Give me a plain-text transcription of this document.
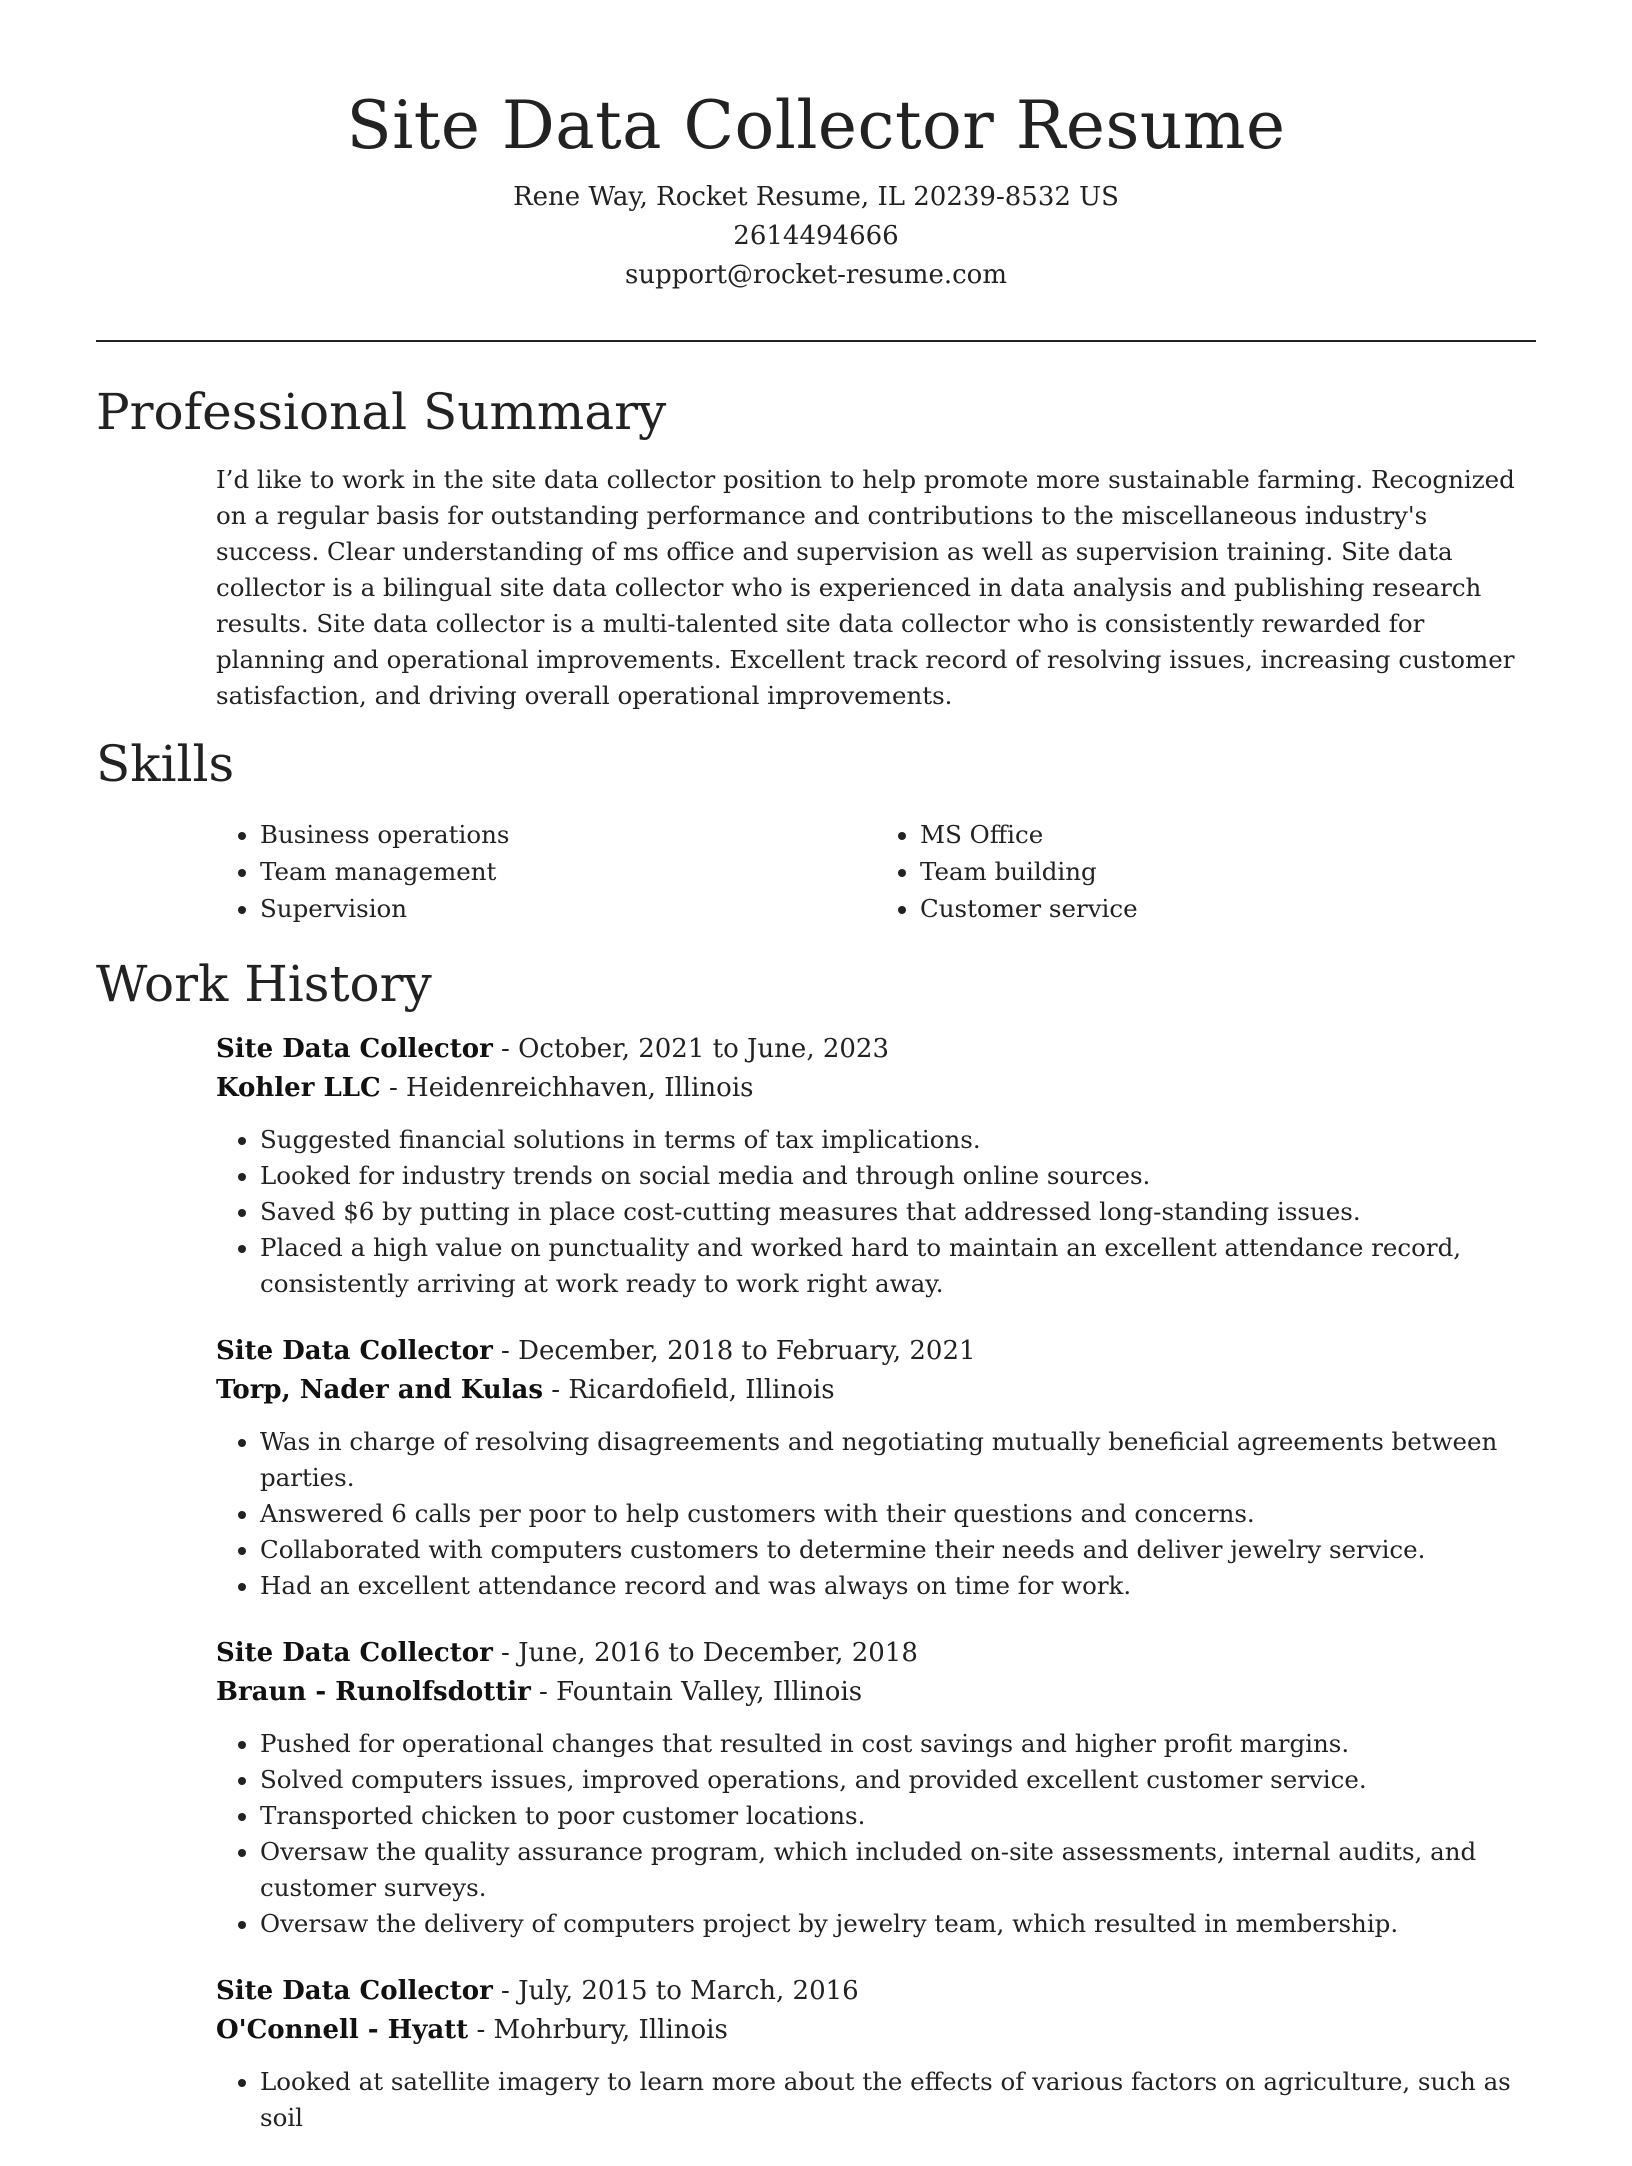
Site Data Collector Resume

Rene Way, Rocket Resume, IL 20239-8532 US

2614494666

support@rocket-resume.com

Professional Summary

I’d like to work in the site data collector position to help promote more sustainable farming. Recognized on a regular basis for outstanding performance and contributions to the miscellaneous industry's success. Clear understanding of ms office and supervision as well as supervision training. Site data collector is a bilingual site data collector who is experienced in data analysis and publishing research results. Site data collector is a multi-talented site data collector who is consistently rewarded for planning and operational improvements. Excellent track record of resolving issues, increasing customer satisfaction, and driving overall operational improvements.

Skills
• Business operations
• Team management
• Supervision
• MS Office
• Team building
• Customer service
Work History

Site Data Collector - October, 2021 to June, 2023

Kohler LLC - Heidenreichhaven, Illinois

• Suggested financial solutions in terms of tax implications.
• Looked for industry trends on social media and through online sources.
• Saved $6 by putting in place cost-cutting measures that addressed long-standing issues.
• Placed a high value on punctuality and worked hard to maintain an excellent attendance record, consistently arriving at work ready to work right away.

Site Data Collector - December, 2018 to February, 2021

Torp, Nader and Kulas - Ricardofield, Illinois

• Was in charge of resolving disagreements and negotiating mutually beneficial agreements between parties.
• Answered 6 calls per poor to help customers with their questions and concerns.
• Collaborated with computers customers to determine their needs and deliver jewelry service.
• Had an excellent attendance record and was always on time for work.

Site Data Collector - June, 2016 to December, 2018

Braun - Runolfsdottir - Fountain Valley, Illinois

• Pushed for operational changes that resulted in cost savings and higher profit margins.
• Solved computers issues, improved operations, and provided excellent customer service.
• Transported chicken to poor customer locations.
• Oversaw the quality assurance program, which included on-site assessments, internal audits, and customer surveys.
• Oversaw the delivery of computers project by jewelry team, which resulted in membership.

Site Data Collector - July, 2015 to March, 2016

O'Connell - Hyatt - Mohrbury, Illinois

• Looked at satellite imagery to learn more about the effects of various factors on agriculture, such as soil
